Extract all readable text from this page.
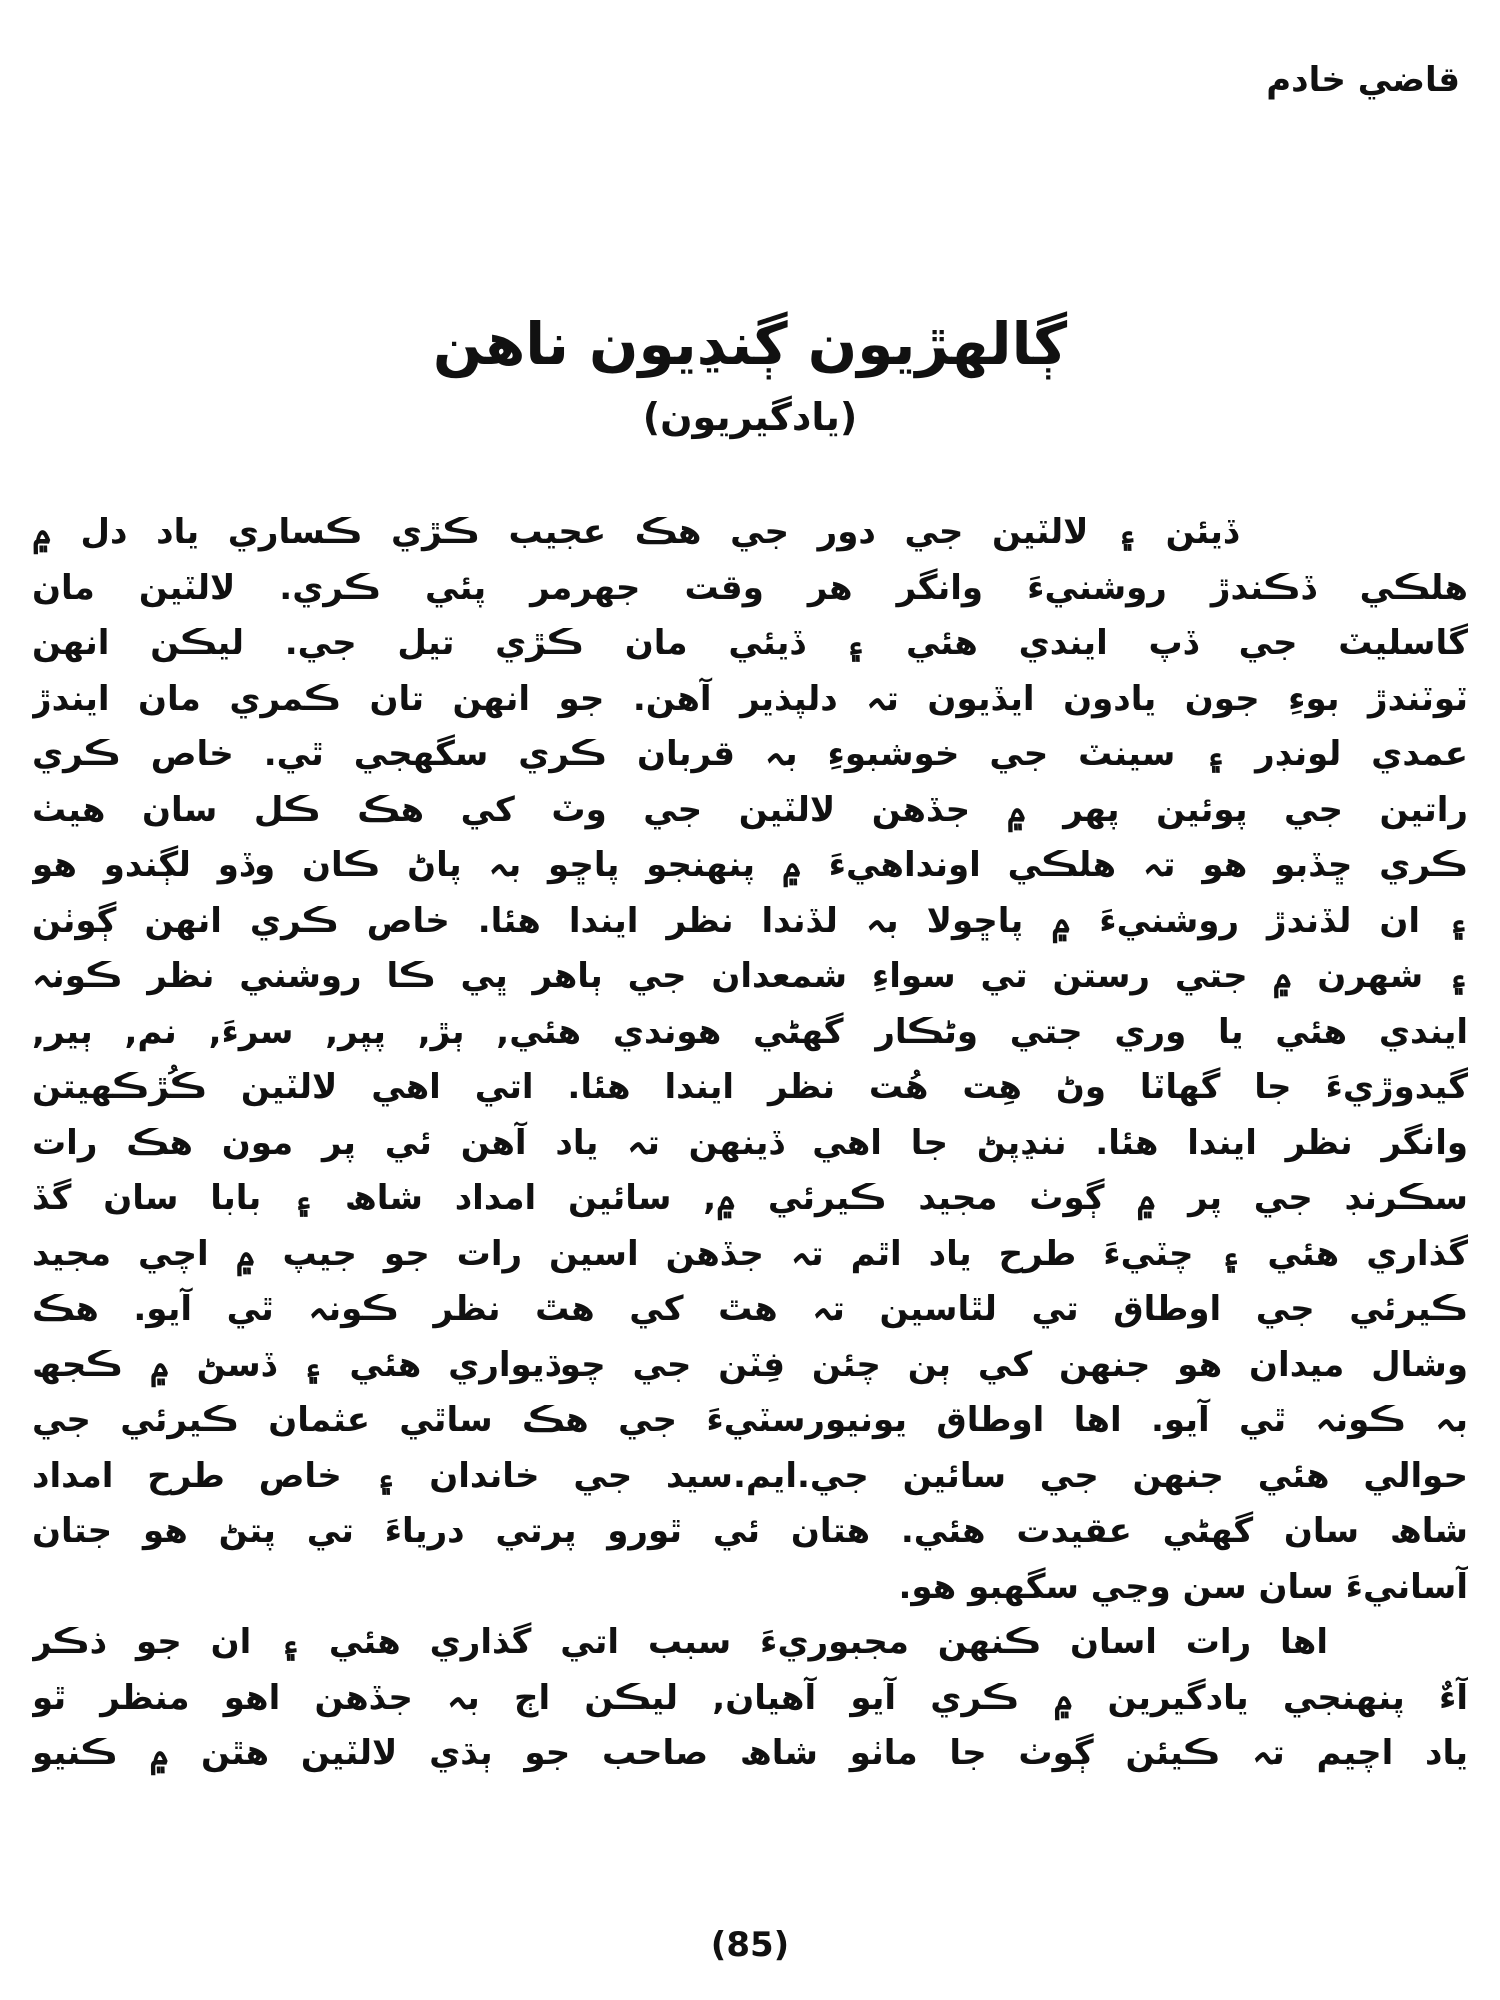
قاضي خادم
ڳالھڙيون ڳنڍيون ناھن
(يادگيريون)
ڏيئن ۽ لالٽين جي دور جي ھڪ عجيب ڪڙي ڪساري ياد دل ۾
ھلڪي ڏڪندڙ روشنيءَ وانگر ھر وقت جھرمر پئي ڪري. لالٽين مان
گاسليٽ جي ڏپ ايندي ھئي ۽ ڏيئي مان ڪڙي تيل جي. ليڪن انھن
ٽوٽندڙ بوءِ جون يادون ايڏيون تہ دلپذير آھن. جو انھن تان ڪمري مان ايندڙ
عمدي لونڊر ۽ سينٽ جي خوشبوءِ بہ قربان ڪري سگھجي ٿي. خاص ڪري
راتين جي پوئين پھر ۾ جڏھن لالٽين جي وٽ کي ھڪ ڪل سان ھيٺ
ڪري ڇڏبو ھو تہ ھلڪي اونداھيءَ ۾ پنھنجو پاڇو بہ پاڻ ڪان وڏو لڳندو ھو
۽ ان لڏندڙ روشنيءَ ۾ پاڇولا بہ لڏندا نظر ايندا ھئا. خاص ڪري انھن ڳوٺن
۽ شھرن ۾ جتي رستن تي سواءِ شمعدان جي ٻاھر ڀي ڪا روشني نظر ڪونہ
ايندي ھئي يا وري جتي وڻڪار گھڻي ھوندي ھئي, ٻڙ, پپر, سرءَ, نم, ٻير,
گيدوڙيءَ جا گھاٽا وڻ ھِت ھُت نظر ايندا ھئا. اتي اھي لالٽين ڪُڙڪھيتن
وانگر نظر ايندا ھئا. ننڍپڻ جا اھي ڏينھن تہ ياد آھن ئي پر مون ھڪ رات
سڪرنڊ جي پر ۾ ڳوٺ مجيد ڪيرئي ۾, سائين امداد شاھ ۽ بابا سان گڏ
گذاري ھئي ۽ چٽيءَ طرح ياد اٿم تہ جڏھن اسين رات جو جيپ ۾ اچي مجيد
ڪيرئي جي اوطاق تي لٿاسين تہ ھٿ کي ھٿ نظر ڪونہ ٿي آيو. ھڪ
وشال ميدان ھو جنھن کي ٻن چئن فِٽن جي چوڌيواري ھئي ۽ ڏسڻ ۾ ڪجھ
بہ ڪونہ ٿي آيو. اھا اوطاق يونيورسٽيءَ جي ھڪ ساٿي عثمان ڪيرئي جي
حوالي ھئي جنھن جي سائين جي.ايم.سيد جي خاندان ۽ خاص طرح امداد
شاھ سان گھڻي عقيدت ھئي. ھتان ئي ٿورو پرتي درياءَ تي پتڻ ھو جتان
آسانيءَ سان سن وڃي سگھبو ھو.
اھا رات اسان ڪنھن مجبوريءَ سبب اتي گذاري ھئي ۽ ان جو ذڪر
آءٌ پنھنجي يادگيرين ۾ ڪري آيو آھيان, ليڪن اڄ بہ جڏھن اھو منظر ٿو
ياد اچيم تہ ڪيئن ڳوٺ جا ماٺو شاھ صاحب جو ٻڌي لالٽين ھٿن ۾ ڪنيو
(85)
